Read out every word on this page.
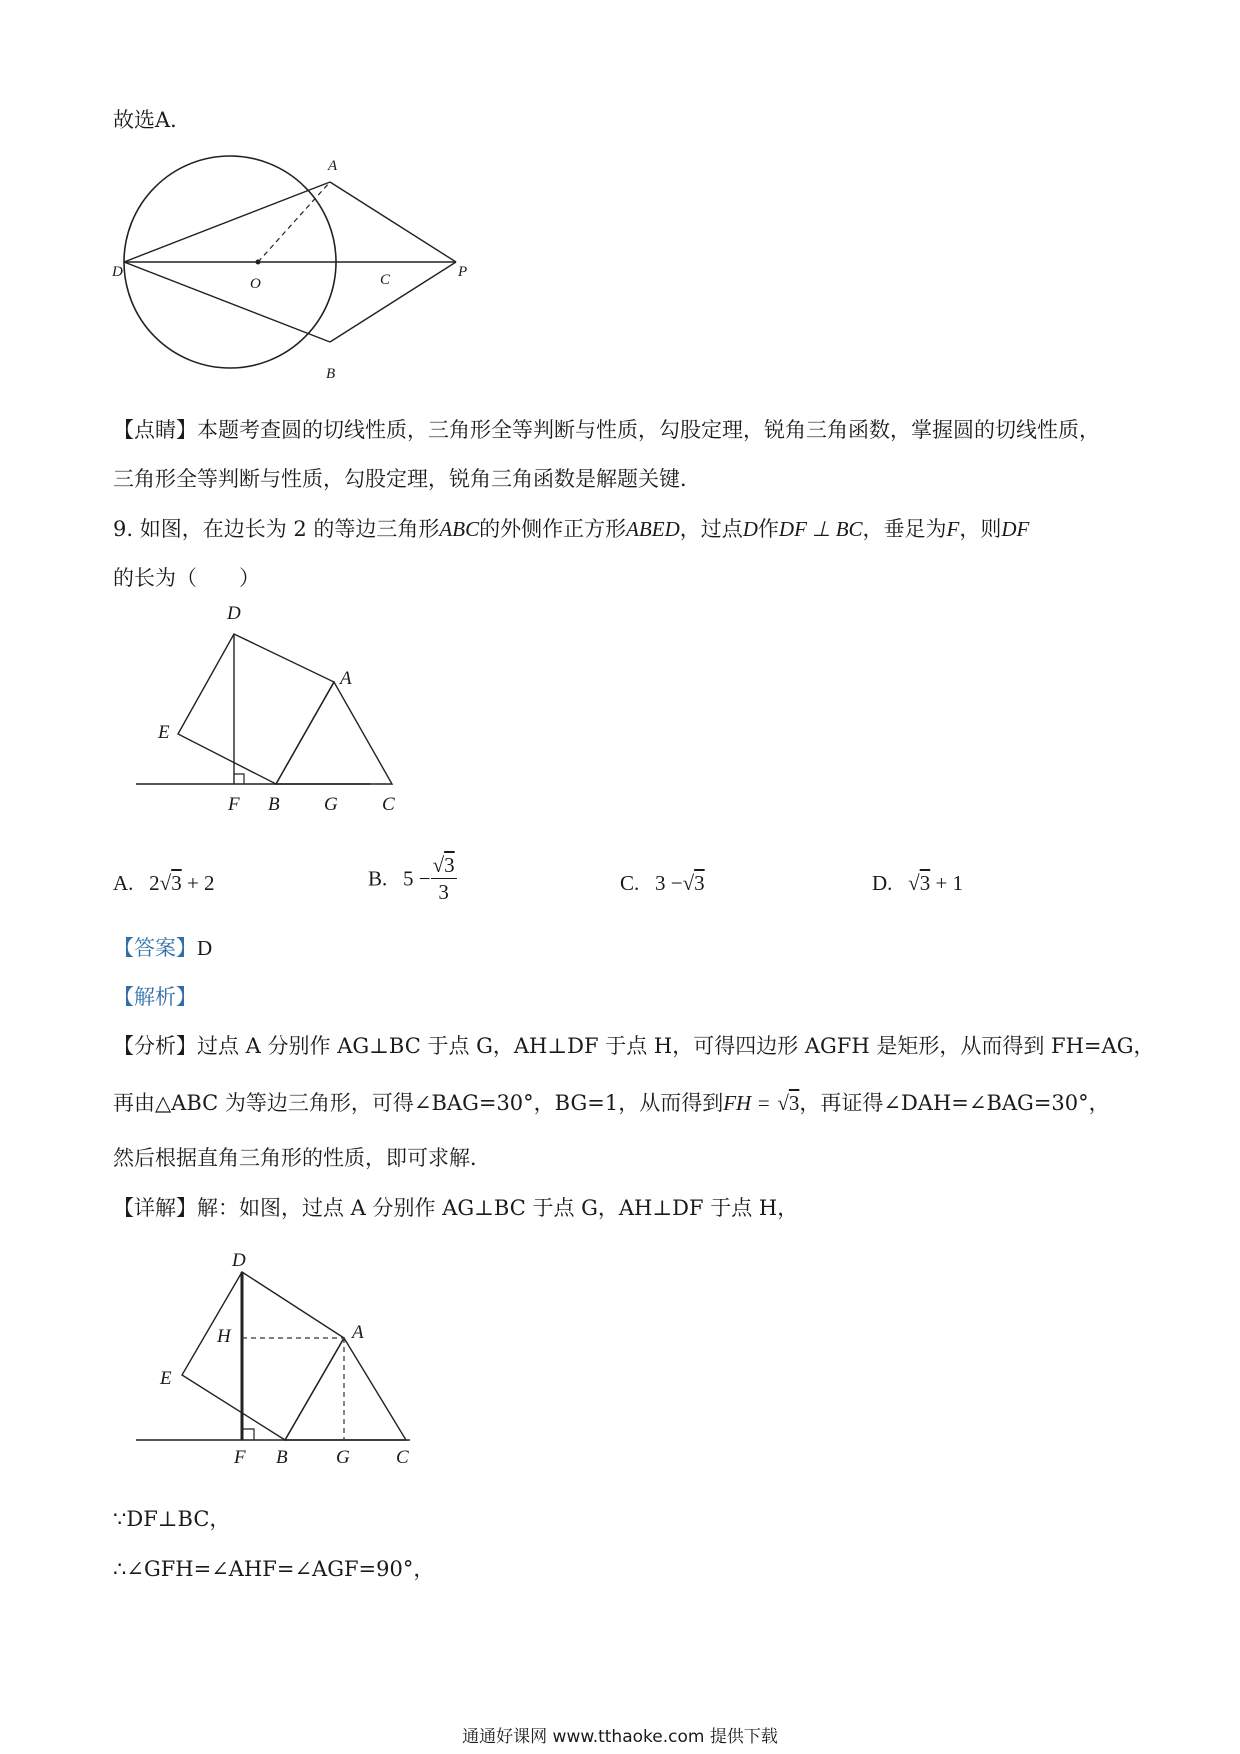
故选A．
A
D
O	C	P
B
【点睛】本题考查圆的切线性质，三角形全等判断与性质，勾股定理，锐角三角函数，掌握圆的切线性质，
三角形全等判断与性质，勾股定理，锐角三角函数是解题关键．
9. 如图，在边长为 2 的等边三角形ABC的外侧作正方形ABED，过点D作DF ⊥ BC，垂足为F，则DF
的长为（　　）
D
A
E
F B G C
A. 2√3 + 2	B. $5 - \frac{√3}{3}$	C. 3 −√3	D. √3 + 1
【答案】D
【解析】
【分析】过点 A 分别作 AG⊥BC 于点 G，AH⊥DF 于点 H，可得四边形 AGFH 是矩形，从而得到 FH=AG，
再由△ABC 为等边三角形，可得∠BAG=30°，BG=1，从而得到FH = √3，再证得∠DAH=∠BAG=30°，
然后根据直角三角形的性质，即可求解．
【详解】解：如图，过点 A 分别作 AG⊥BC 于点 G，AH⊥DF 于点 H，
D
H	A
E
F B	G C
∵DF⊥BC，
∴∠GFH=∠AHF=∠AGF=90°，
通通好课网 www.tthaoke.com 提供下载
